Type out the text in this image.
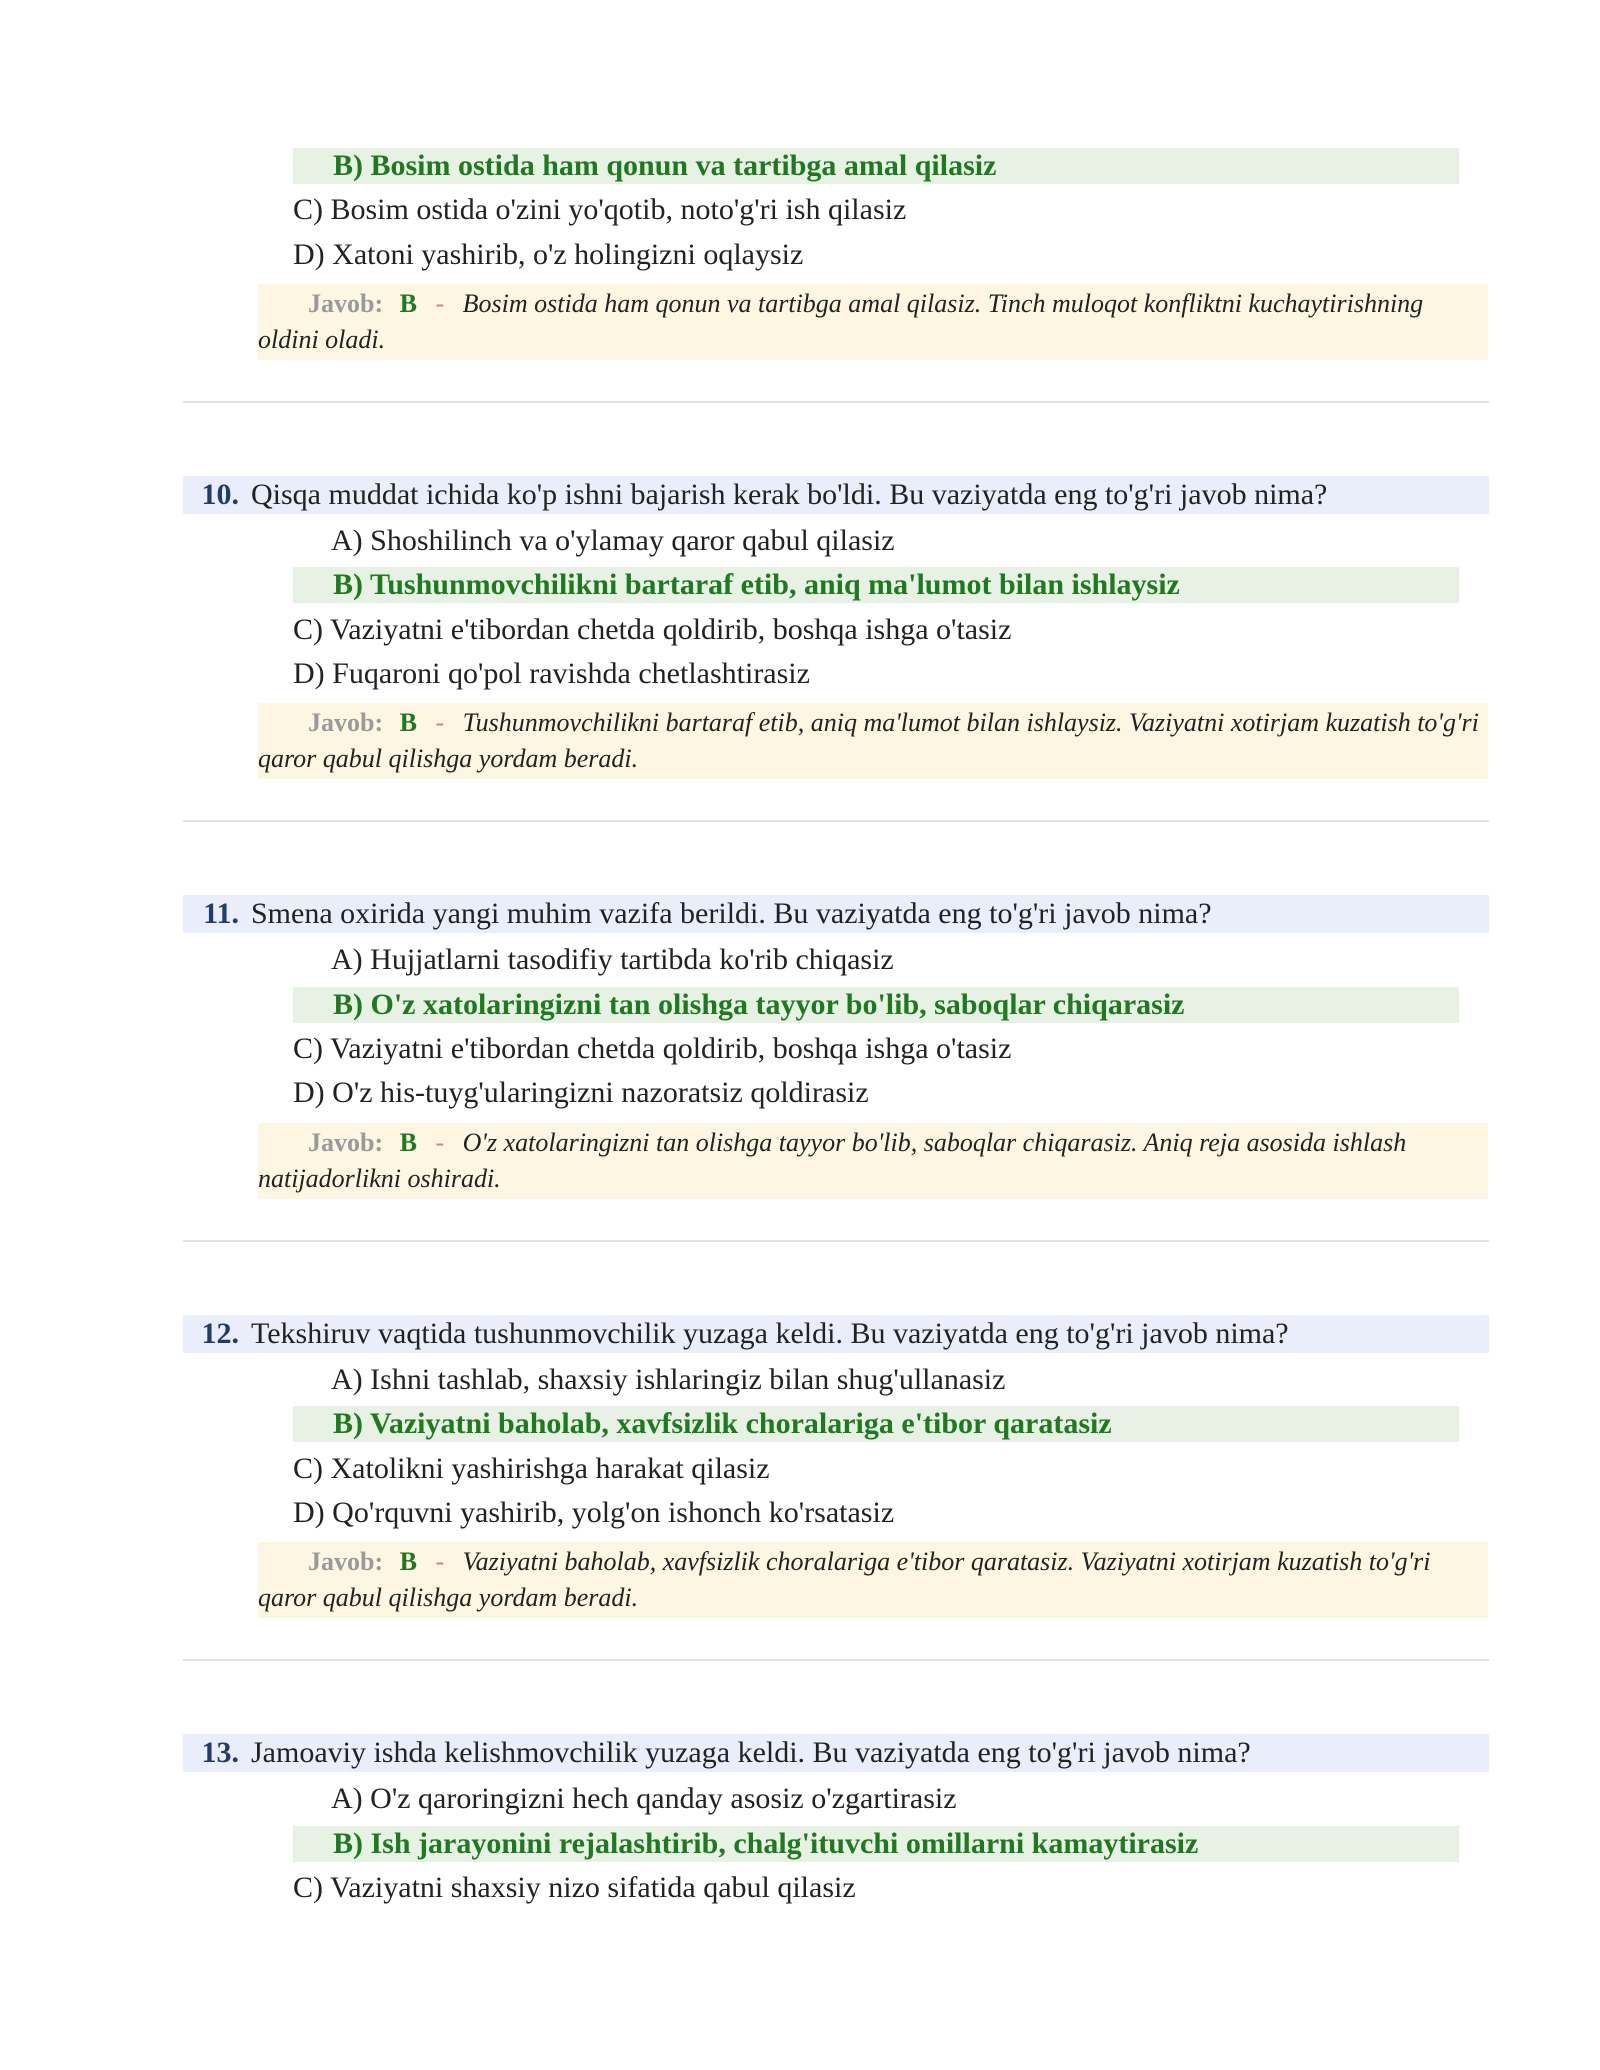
B) Bosim ostida ham qonun va tartibga amal qilasiz
C) Bosim ostida o'zini yo'qotib, noto'g'ri ish qilasiz
D) Xatoni yashirib, o'z holingizni oqlaysiz
Javob: B - Bosim ostida ham qonun va tartibga amal qilasiz. Tinch muloqot konfliktni kuchaytirishning oldini oladi.
10. Qisqa muddat ichida ko'p ishni bajarish kerak bo'ldi. Bu vaziyatda eng to'g'ri javob nima?
A) Shoshilinch va o'ylamay qaror qabul qilasiz
B) Tushunmovchilikni bartaraf etib, aniq ma'lumot bilan ishlaysiz
C) Vaziyatni e'tibordan chetda qoldirib, boshqa ishga o'tasiz
D) Fuqaroni qo'pol ravishda chetlashtirasiz
Javob: B - Tushunmovchilikni bartaraf etib, aniq ma'lumot bilan ishlaysiz. Vaziyatni xotirjam kuzatish to'g'ri qaror qabul qilishga yordam beradi.
11. Smena oxirida yangi muhim vazifa berildi. Bu vaziyatda eng to'g'ri javob nima?
A) Hujjatlarni tasodifiy tartibda ko'rib chiqasiz
B) O'z xatolaringizni tan olishga tayyor bo'lib, saboqlar chiqarasiz
C) Vaziyatni e'tibordan chetda qoldirib, boshqa ishga o'tasiz
D) O'z his-tuyg'ularingizni nazoratsiz qoldirasiz
Javob: B - O'z xatolaringizni tan olishga tayyor bo'lib, saboqlar chiqarasiz. Aniq reja asosida ishlash natijadorlikni oshiradi.
12. Tekshiruv vaqtida tushunmovchilik yuzaga keldi. Bu vaziyatda eng to'g'ri javob nima?
A) Ishni tashlab, shaxsiy ishlaringiz bilan shug'ullanasiz
B) Vaziyatni baholab, xavfsizlik choralariga e'tibor qaratasiz
C) Xatolikni yashirishga harakat qilasiz
D) Qo'rquvni yashirib, yolg'on ishonch ko'rsatasiz
Javob: B - Vaziyatni baholab, xavfsizlik choralariga e'tibor qaratasiz. Vaziyatni xotirjam kuzatish to'g'ri qaror qabul qilishga yordam beradi.
13. Jamoaviy ishda kelishmovchilik yuzaga keldi. Bu vaziyatda eng to'g'ri javob nima?
A) O'z qaroringizni hech qanday asosiz o'zgartirasiz
B) Ish jarayonini rejalashtirib, chalg'ituvchi omillarni kamaytirasiz
C) Vaziyatni shaxsiy nizo sifatida qabul qilasiz
